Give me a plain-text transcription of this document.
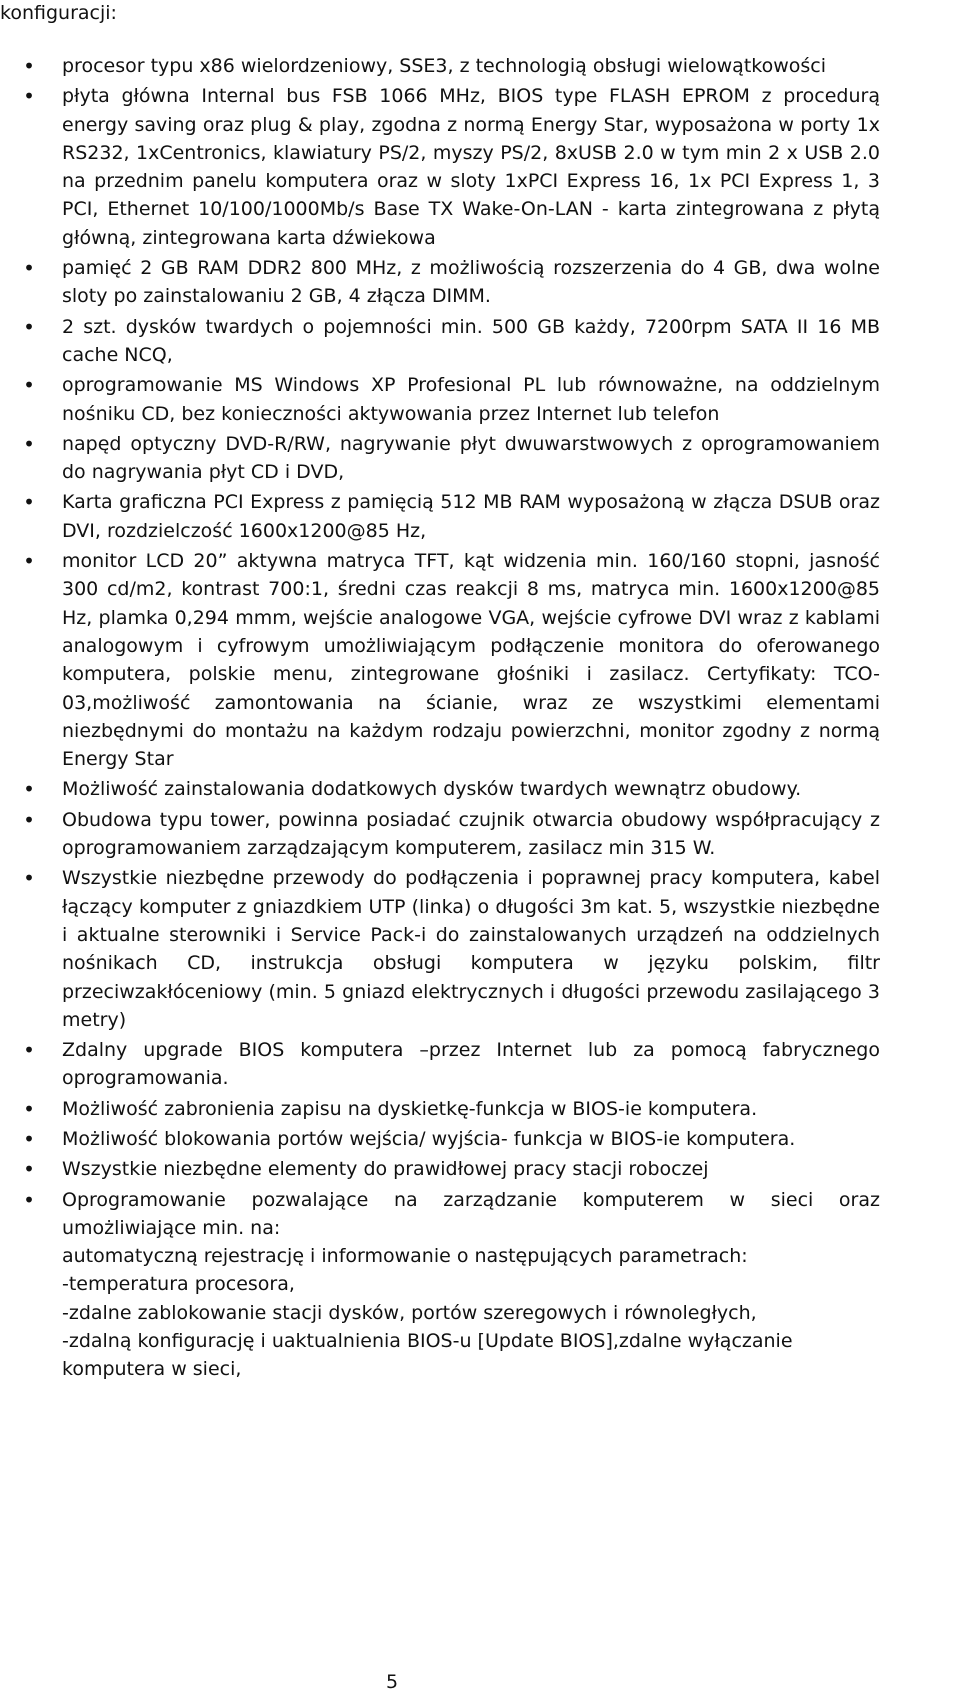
konfiguracji:
• procesor typu x86 wielordzeniowy, SSE3, z technologią obsługi wielowątkowości
• płyta główna Internal bus FSB 1066 MHz, BIOS type FLASH EPROM z procedurą energy saving oraz plug & play, zgodna z normą Energy Star, wyposażona w porty 1x RS232, 1xCentronics, klawiatury PS/2, myszy PS/2, 8xUSB 2.0 w tym min 2 x USB 2.0 na przednim panelu komputera oraz w sloty 1xPCI Express 16, 1x PCI Express 1, 3 PCI, Ethernet 10/100/1000Mb/s Base TX Wake-On-LAN - karta zintegrowana z płytą główną, zintegrowana karta dźwiekowa
• pamięć 2 GB RAM DDR2 800 MHz, z możliwością rozszerzenia do 4 GB, dwa wolne sloty po zainstalowaniu 2 GB, 4 złącza DIMM.
• 2 szt. dysków twardych o pojemności min. 500 GB każdy, 7200rpm SATA II 16 MB cache NCQ,
• oprogramowanie MS Windows XP Profesional PL lub równoważne, na oddzielnym nośniku CD, bez konieczności aktywowania przez Internet lub telefon
• napęd optyczny DVD-R/RW, nagrywanie płyt dwuwarstwowych z oprogramowaniem do nagrywania płyt CD i DVD,
• Karta graficzna PCI Express z pamięcią 512 MB RAM wyposażoną w złącza DSUB oraz DVI, rozdzielczość 1600x1200@85 Hz,
• monitor LCD 20” aktywna matryca TFT, kąt widzenia min. 160/160 stopni, jasność 300 cd/m2, kontrast 700:1, średni czas reakcji 8 ms, matryca min. 1600x1200@85 Hz, plamka 0,294 mmm, wejście analogowe VGA, wejście cyfrowe DVI wraz z kablami analogowym i cyfrowym umożliwiającym podłączenie monitora do oferowanego komputera, polskie menu, zintegrowane głośniki i zasilacz. Certyfikaty: TCO-03,możliwość zamontowania na ścianie, wraz ze wszystkimi elementami niezbędnymi do montażu na każdym rodzaju powierzchni, monitor zgodny z normą Energy Star
• Możliwość zainstalowania dodatkowych dysków twardych wewnątrz obudowy.
• Obudowa typu tower, powinna posiadać czujnik otwarcia obudowy współpracujący z oprogramowaniem zarządzającym komputerem, zasilacz min 315 W.
• Wszystkie niezbędne przewody do podłączenia i poprawnej pracy komputera, kabel łączący komputer z gniazdkiem UTP (linka) o długości 3m kat. 5, wszystkie niezbędne i aktualne sterowniki i Service Pack-i do zainstalowanych urządzeń na oddzielnych nośnikach CD, instrukcja obsługi komputera w języku polskim, filtr przeciwzakłóceniowy (min. 5 gniazd elektrycznych i długości przewodu zasilającego 3 metry)
• Zdalny upgrade BIOS komputera –przez Internet lub za pomocą fabrycznego oprogramowania.
• Możliwość zabronienia zapisu na dyskietkę-funkcja w BIOS-ie komputera.
• Możliwość blokowania portów wejścia/ wyjścia- funkcja w BIOS-ie komputera.
• Wszystkie niezbędne elementy do prawidłowej pracy stacji roboczej
• Oprogramowanie pozwalające na zarządzanie komputerem w sieci oraz umożliwiające min. na:
automatyczną rejestrację i informowanie o następujących parametrach:
-temperatura procesora,
-zdalne zablokowanie stacji dysków, portów szeregowych i równoległych,
-zdalną konfigurację i uaktualnienia BIOS-u [Update BIOS],zdalne wyłączanie komputera w sieci,
5
